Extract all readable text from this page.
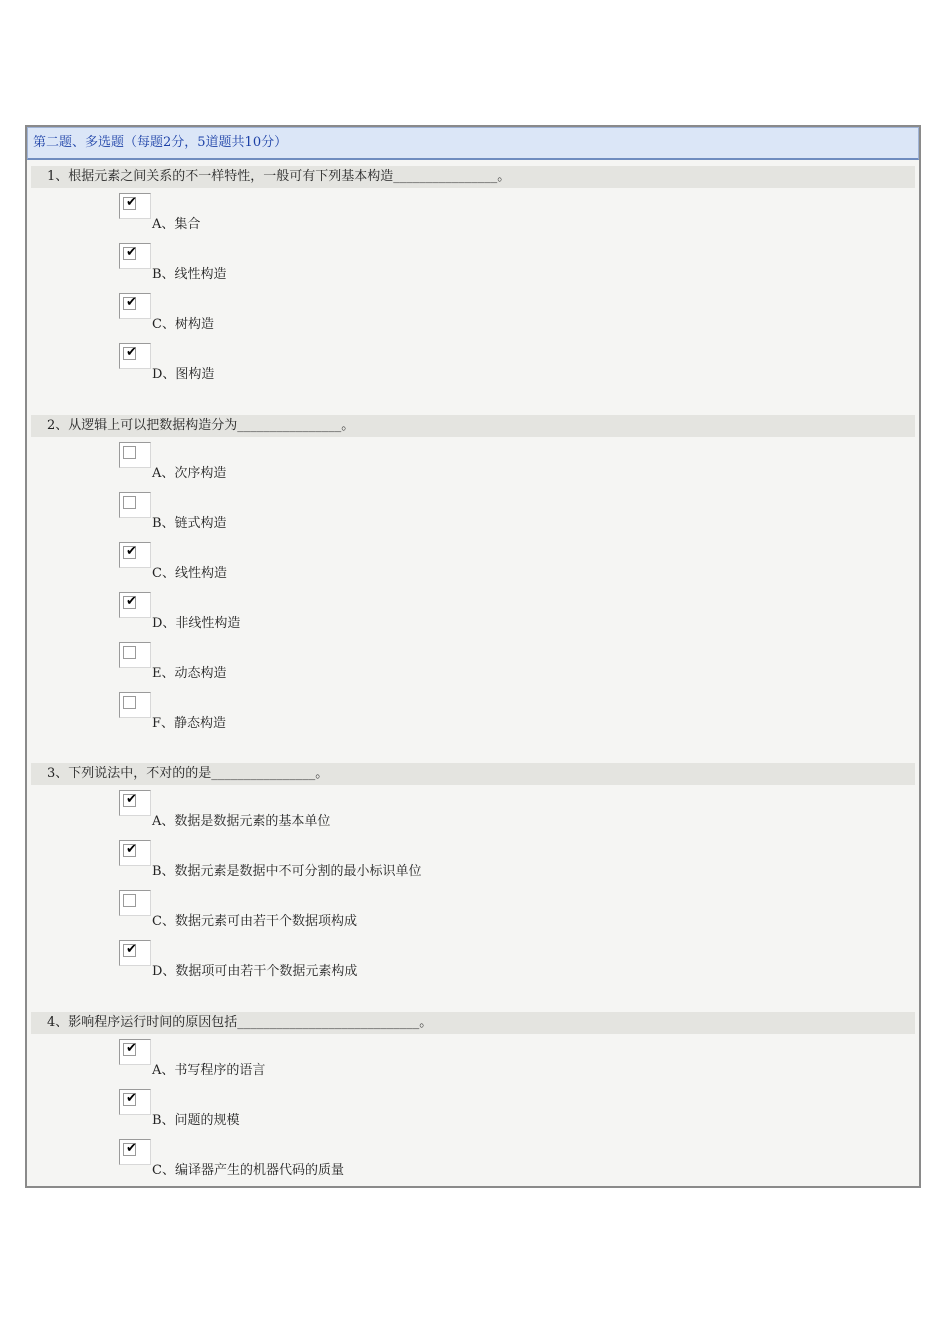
第二题、多选题（每题2分，5道题共10分）
1、根据元素之间关系的不一样特性，一般可有下列基本构造________________。
✔
A、集合
✔
B、线性构造
✔
C、树构造
✔
D、图构造
2、从逻辑上可以把数据构造分为________________。
A、次序构造
B、链式构造
✔
C、线性构造
✔
D、非线性构造
E、动态构造
F、静态构造
3、下列说法中，不对的的是________________。
✔
A、数据是数据元素的基本单位
✔
B、数据元素是数据中不可分割的最小标识单位
C、数据元素可由若干个数据项构成
✔
D、数据项可由若干个数据元素构成
4、影响程序运行时间的原因包括____________________________。
✔
A、书写程序的语言
✔
B、问题的规模
✔
C、编译器产生的机器代码的质量
